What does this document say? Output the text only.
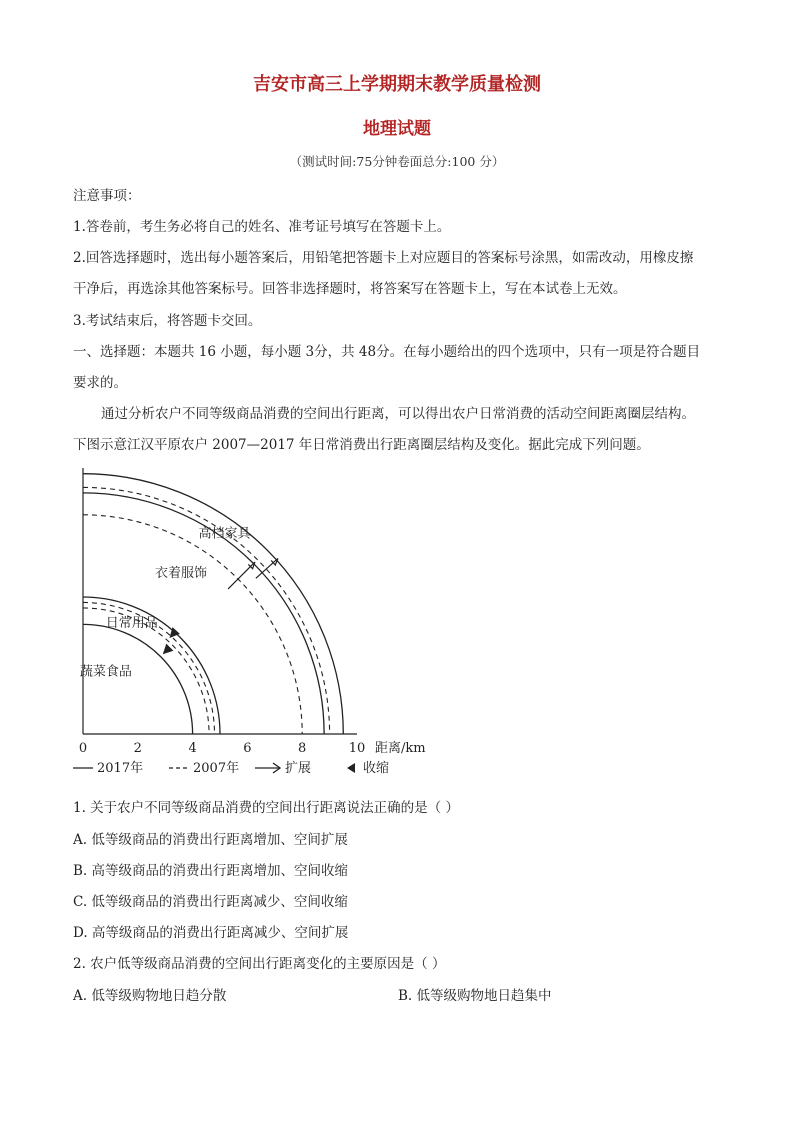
吉安市高三上学期期末教学质量检测
地理试题
（测试时间:75分钟卷面总分:100 分）
注意事项：
1.答卷前，考生务必将自己的姓名、准考证号填写在答题卡上。
2.回答选择题时，选出每小题答案后，用铅笔把答题卡上对应题目的答案标号涂黑，如需改动，用橡皮擦
干净后，再选涂其他答案标号。回答非选择题时，将答案写在答题卡上，写在本试卷上无效。
3.考试结束后，将答题卡交回。
一、选择题：本题共 16 小题，每小题 3分，共 48分。在每小题给出的四个选项中，只有一项是符合题目
要求的。
通过分析农户不同等级商品消费的空间出行距离，可以得出农户日常消费的活动空间距离圈层结构。
下图示意江汉平原农户 2007—2017 年日常消费出行距离圈层结构及变化。据此完成下列问题。
蔬菜食品
日常用品
衣着服饰
高档家具
0	2	4	6	8	10 距离/km
2017年	2007年	扩展	收缩
1. 关于农户不同等级商品消费的空间出行距离说法正确的是（ ）
A. 低等级商品的消费出行距离增加、空间扩展
B. 高等级商品的消费出行距离增加、空间收缩
C. 低等级商品的消费出行距离减少、空间收缩
D. 高等级商品的消费出行距离减少、空间扩展
2. 农户低等级商品消费的空间出行距离变化的主要原因是（ ）
A. 低等级购物地日趋分散	B. 低等级购物地日趋集中
